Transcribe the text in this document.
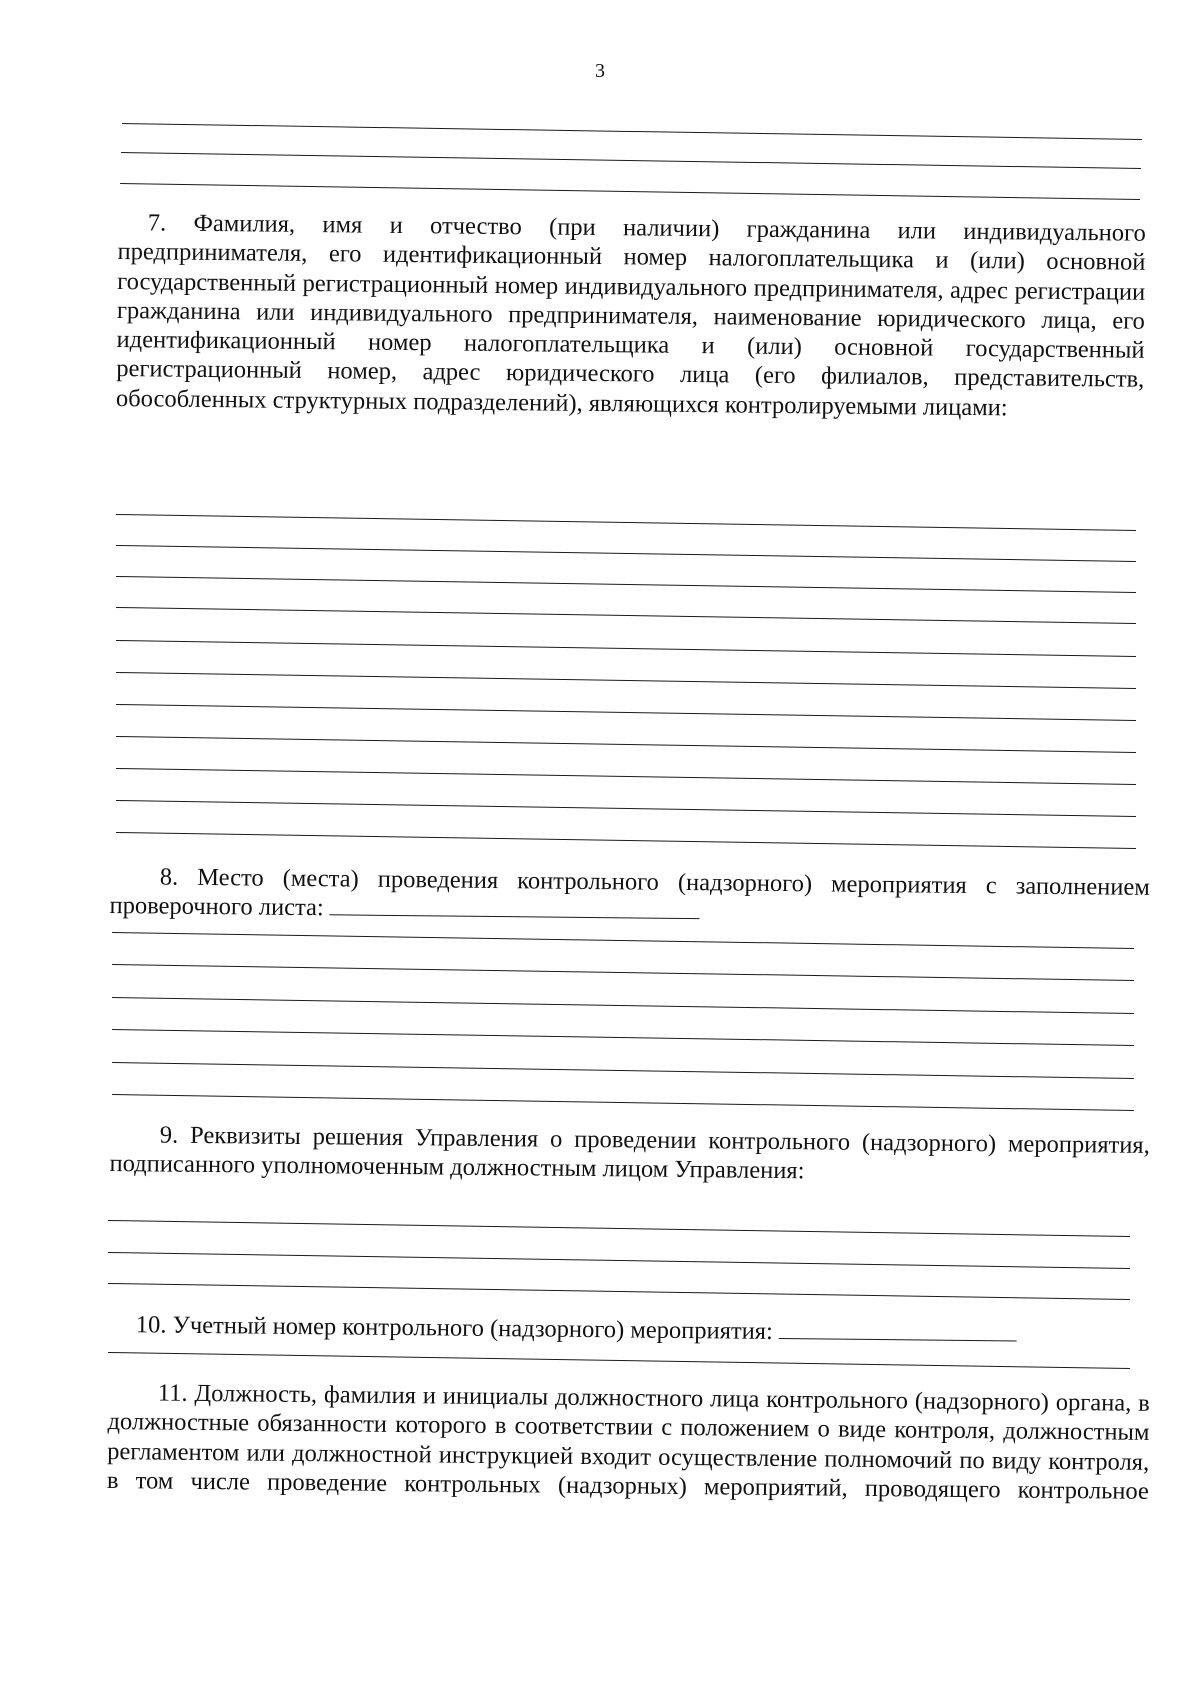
3
7. Фамилия, имя и отчество (при наличии) гражданина или индивидуального предпринимателя, его идентификационный номер налогоплательщика и (или) основной государственный регистрационный номер индивидуального предпринимателя, адрес регистрации гражданина или индивидуального предпринимателя, наименование юридического лица, его идентификационный номер налогоплательщика и (или) основной государственный регистрационный номер, адрес юридического лица (его филиалов, представительств, обособленных структурных подразделений), являющихся контролируемыми лицами:
8. Место (места) проведения контрольного (надзорного) мероприятия с заполнением проверочного листа:
9. Реквизиты решения Управления о проведении контрольного (надзорного) мероприятия, подписанного уполномоченным должностным лицом Управления:
10. Учетный номер контрольного (надзорного) мероприятия:
11. Должность, фамилия и инициалы должностного лица контрольного (надзорного) органа, в должностные обязанности которого в соответствии с положением о виде контроля, должностным регламентом или должностной инструкцией входит осуществление полномочий по виду контроля, в том числе проведение контрольных (надзорных) мероприятий, проводящего контрольное
